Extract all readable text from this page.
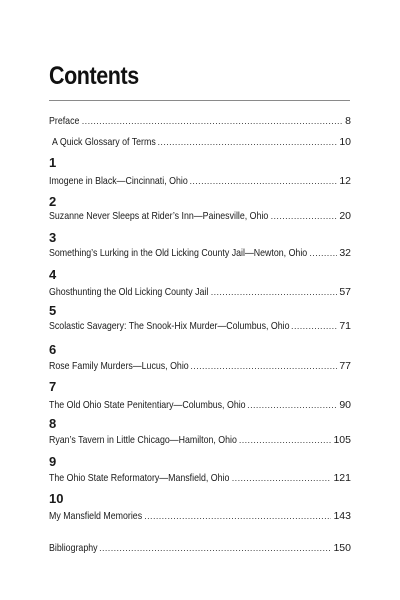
Contents
Preface .....	8
A Quick Glossary of Terms .....	10
1
Imogene in Black—Cincinnati, Ohio .....	12
2
Suzanne Never Sleeps at Rider’s Inn—Painesville, Ohio .....	20
3
Something’s Lurking in the Old Licking County Jail—Newton, Ohio .....	32
4
Ghosthunting the Old Licking County Jail .....	57
5
Scolastic Savagery: The Snook-Hix Murder—Columbus, Ohio .....	71
6
Rose Family Murders—Lucus, Ohio .....	77
7
The Old Ohio State Penitentiary—Columbus, Ohio .....	90
8
Ryan’s Tavern in Little Chicago—Hamilton, Ohio .....	105
9
The Ohio State Reformatory—Mansfield, Ohio .....	121
10
My Mansfield Memories .....	143
Bibliography .....	150
